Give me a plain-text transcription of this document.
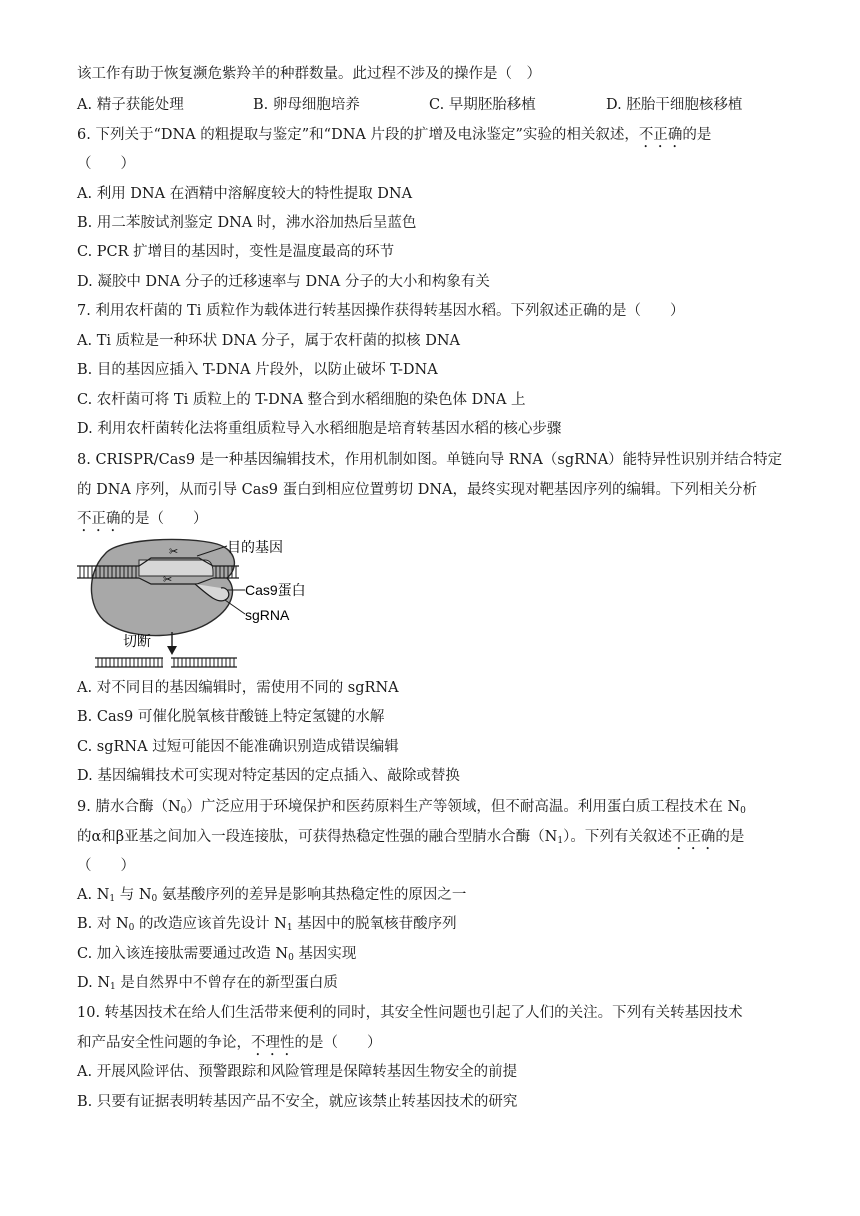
该工作有助于恢复濒危紫羚羊的种群数量。此过程不涉及的操作是（　）
A. 精子获能处理	B. 卵母细胞培养	C. 早期胚胎移植	D. 胚胎干细胞核移植
6. 下列关于“DNA 的粗提取与鉴定”和“DNA 片段的扩增及电泳鉴定”实验的相关叙述，不正确的是
（　　）
A. 利用 DNA 在酒精中溶解度较大的特性提取 DNA
B. 用二苯胺试剂鉴定 DNA 时，沸水浴加热后呈蓝色
C. PCR 扩增目的基因时，变性是温度最高的环节
D. 凝胶中 DNA 分子的迁移速率与 DNA 分子的大小和构象有关
7. 利用农杆菌的 Ti 质粒作为载体进行转基因操作获得转基因水稻。下列叙述正确的是（　　）
A. Ti 质粒是一种环状 DNA 分子，属于农杆菌的拟核 DNA
B. 目的基因应插入 T-DNA 片段外，以防止破坏 T-DNA
C. 农杆菌可将 Ti 质粒上的 T-DNA 整合到水稻细胞的染色体 DNA 上
D. 利用农杆菌转化法将重组质粒导入水稻细胞是培育转基因水稻的核心步骤
8. CRISPR/Cas9 是一种基因编辑技术，作用机制如图。单链向导 RNA（sgRNA）能特异性识别并结合特定
的 DNA 序列，从而引导 Cas9 蛋白到相应位置剪切 DNA，最终实现对靶基因序列的编辑。下列相关分析
不正确的是（　　）
✂
✂
目的基因
Cas9蛋白
sgRNA
切断
A. 对不同目的基因编辑时，需使用不同的 sgRNA
B. Cas9 可催化脱氧核苷酸链上特定氢键的水解
C. sgRNA 过短可能因不能准确识别造成错误编辑
D. 基因编辑技术可实现对特定基因的定点插入、敲除或替换
9. 腈水合酶$(N_0)$广泛应用于环境保护和医药原料生产等领域，但不耐高温。利用蛋白质工程技术在 $N_0$
的α和β亚基之间加入一段连接肽，可获得热稳定性强的融合型腈水合酶$(N_1)$。下列有关叙述不正确的是
（　　）
A. $N_1$ 与 $N_0$ 氨基酸序列的差异是影响其热稳定性的原因之一
B. 对 $N_0$ 的改造应该首先设计 $N_1$ 基因中的脱氧核苷酸序列
C. 加入该连接肽需要通过改造 $N_0$ 基因实现
D. $N_1$ 是自然界中不曾存在的新型蛋白质
10. 转基因技术在给人们生活带来便利的同时，其安全性问题也引起了人们的关注。下列有关转基因技术
和产品安全性问题的争论，不理性的是（　　）
A. 开展风险评估、预警跟踪和风险管理是保障转基因生物安全的前提
B. 只要有证据表明转基因产品不安全，就应该禁止转基因技术的研究
